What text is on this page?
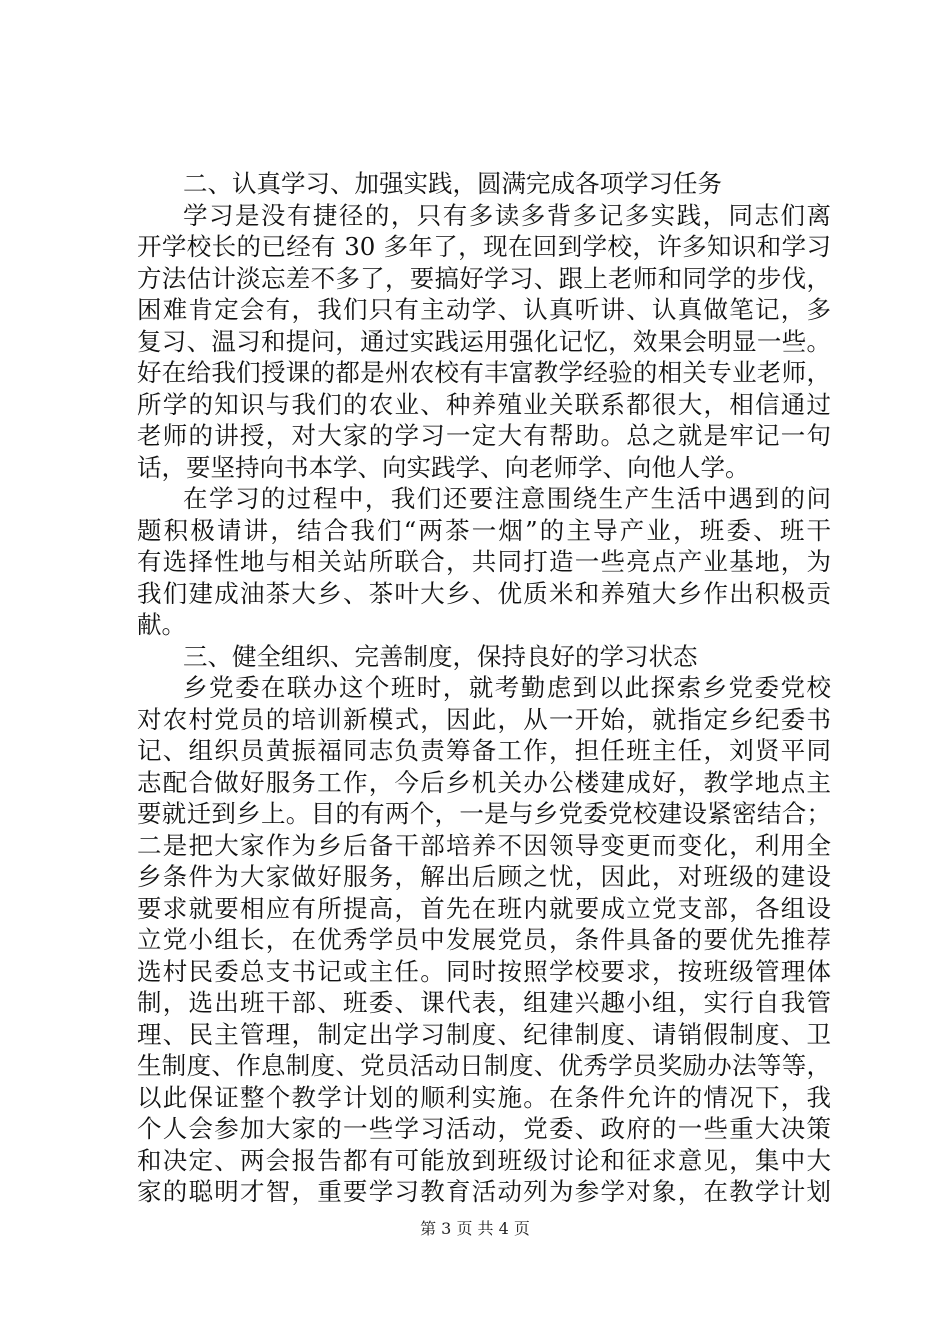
二、认真学习、加强实践，圆满完成各项学习任务
学习是没有捷径的，只有多读多背多记多实践，同志们离
开学校长的已经有 30 多年了，现在回到学校，许多知识和学习
方法估计淡忘差不多了，要搞好学习、跟上老师和同学的步伐，
困难肯定会有，我们只有主动学、认真听讲、认真做笔记，多
复习、温习和提问，通过实践运用强化记忆，效果会明显一些。
好在给我们授课的都是州农校有丰富教学经验的相关专业老师，
所学的知识与我们的农业、种养殖业关联系都很大，相信通过
老师的讲授，对大家的学习一定大有帮助。总之就是牢记一句
话，要坚持向书本学、向实践学、向老师学、向他人学。
在学习的过程中，我们还要注意围绕生产生活中遇到的问
题积极请讲，结合我们“两茶一烟”的主导产业，班委、班干
有选择性地与相关站所联合，共同打造一些亮点产业基地，为
我们建成油茶大乡、茶叶大乡、优质米和养殖大乡作出积极贡
献。
三、健全组织、完善制度，保持良好的学习状态
乡党委在联办这个班时，就考勤虑到以此探索乡党委党校
对农村党员的培训新模式，因此，从一开始，就指定乡纪委书
记、组织员黄振福同志负责筹备工作，担任班主任，刘贤平同
志配合做好服务工作，今后乡机关办公楼建成好，教学地点主
要就迁到乡上。目的有两个，一是与乡党委党校建设紧密结合；
二是把大家作为乡后备干部培养不因领导变更而变化，利用全
乡条件为大家做好服务，解出后顾之忧，因此，对班级的建设
要求就要相应有所提高，首先在班内就要成立党支部，各组设
立党小组长，在优秀学员中发展党员，条件具备的要优先推荐
选村民委总支书记或主任。同时按照学校要求，按班级管理体
制，选出班干部、班委、课代表，组建兴趣小组，实行自我管
理、民主管理，制定出学习制度、纪律制度、请销假制度、卫
生制度、作息制度、党员活动日制度、优秀学员奖励办法等等，
以此保证整个教学计划的顺利实施。在条件允许的情况下，我
个人会参加大家的一些学习活动，党委、政府的一些重大决策
和决定、两会报告都有可能放到班级讨论和征求意见，集中大
家的聪明才智，重要学习教育活动列为参学对象，在教学计划
第 3 页 共 4 页
